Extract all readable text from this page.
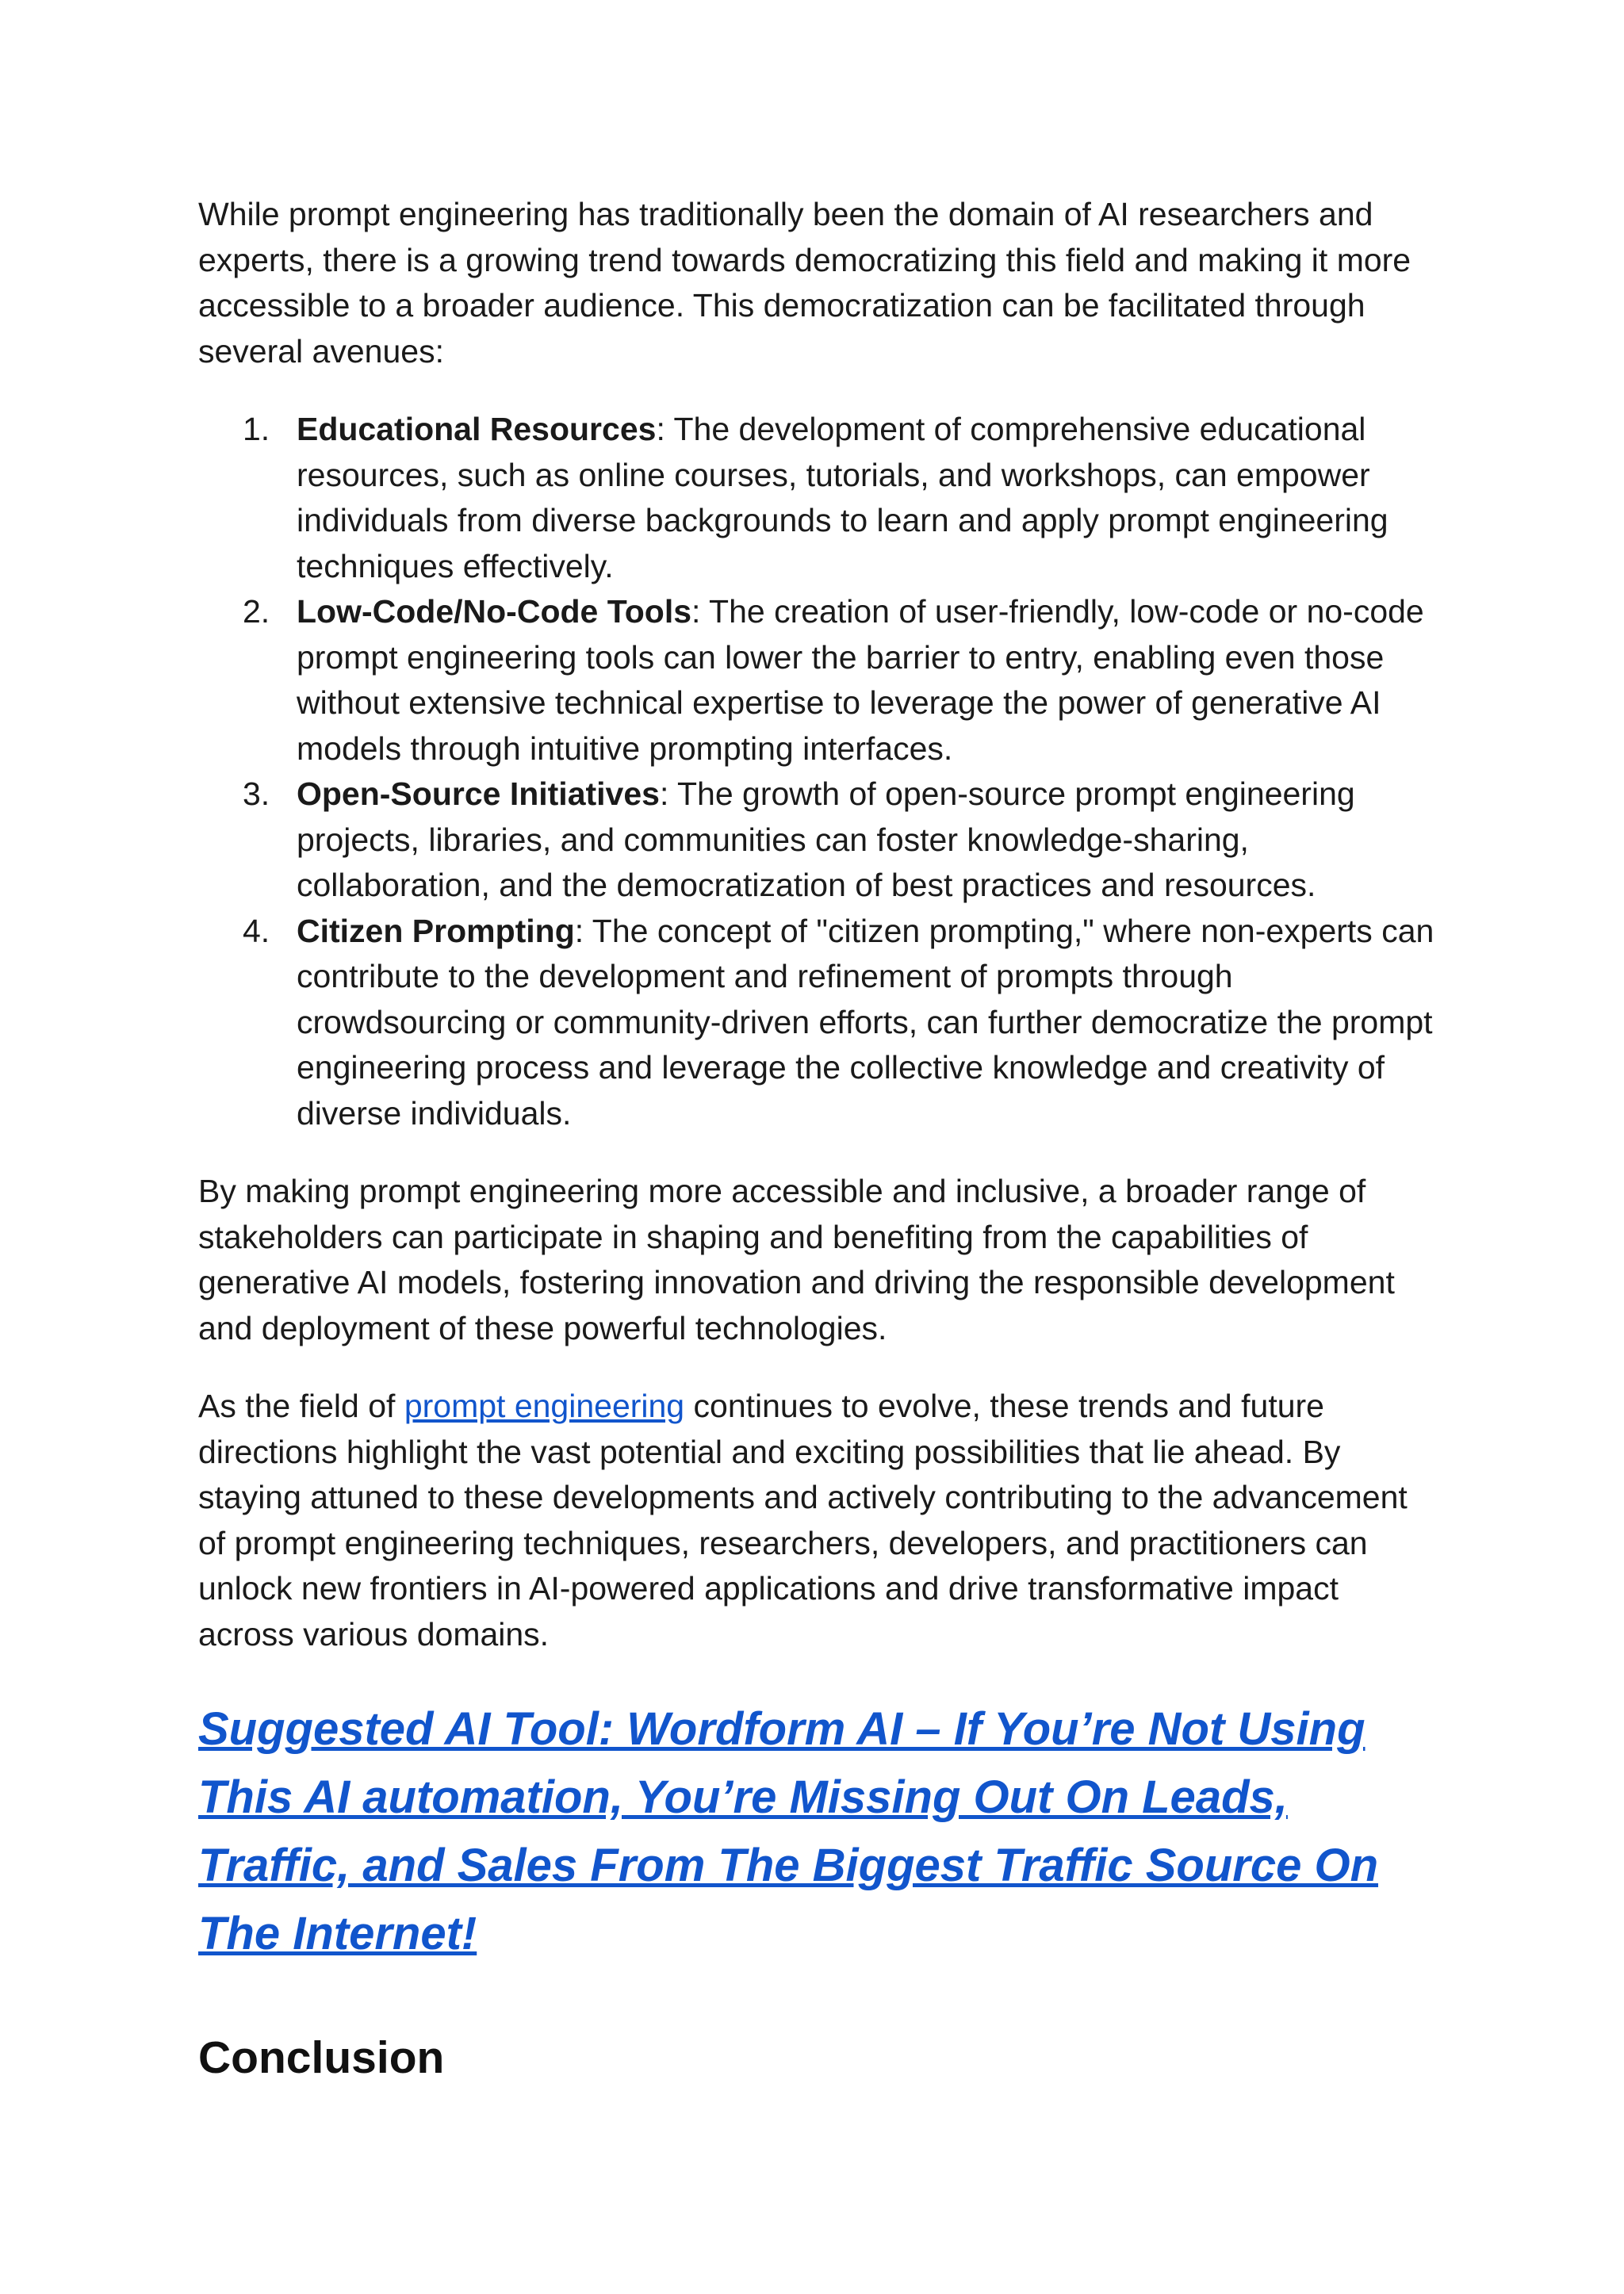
While prompt engineering has traditionally been the domain of AI researchers and experts, there is a growing trend towards democratizing this field and making it more accessible to a broader audience. This democratization can be facilitated through several avenues:

1. Educational Resources: The development of comprehensive educational resources, such as online courses, tutorials, and workshops, can empower individuals from diverse backgrounds to learn and apply prompt engineering techniques effectively.
2. Low-Code/No-Code Tools: The creation of user-friendly, low-code or no-code prompt engineering tools can lower the barrier to entry, enabling even those without extensive technical expertise to leverage the power of generative AI models through intuitive prompting interfaces.
3. Open-Source Initiatives: The growth of open-source prompt engineering projects, libraries, and communities can foster knowledge-sharing, collaboration, and the democratization of best practices and resources.
4. Citizen Prompting: The concept of "citizen prompting," where non-experts can contribute to the development and refinement of prompts through crowdsourcing or community-driven efforts, can further democratize the prompt engineering process and leverage the collective knowledge and creativity of diverse individuals.

By making prompt engineering more accessible and inclusive, a broader range of stakeholders can participate in shaping and benefiting from the capabilities of generative AI models, fostering innovation and driving the responsible development and deployment of these powerful technologies.

As the field of prompt engineering continues to evolve, these trends and future directions highlight the vast potential and exciting possibilities that lie ahead. By staying attuned to these developments and actively contributing to the advancement of prompt engineering techniques, researchers, developers, and practitioners can unlock new frontiers in AI-powered applications and drive transformative impact across various domains.

Suggested AI Tool: Wordform AI – If You’re Not Using This AI automation, You’re Missing Out On Leads, Traffic, and Sales From The Biggest Traffic Source On The Internet!
Conclusion
